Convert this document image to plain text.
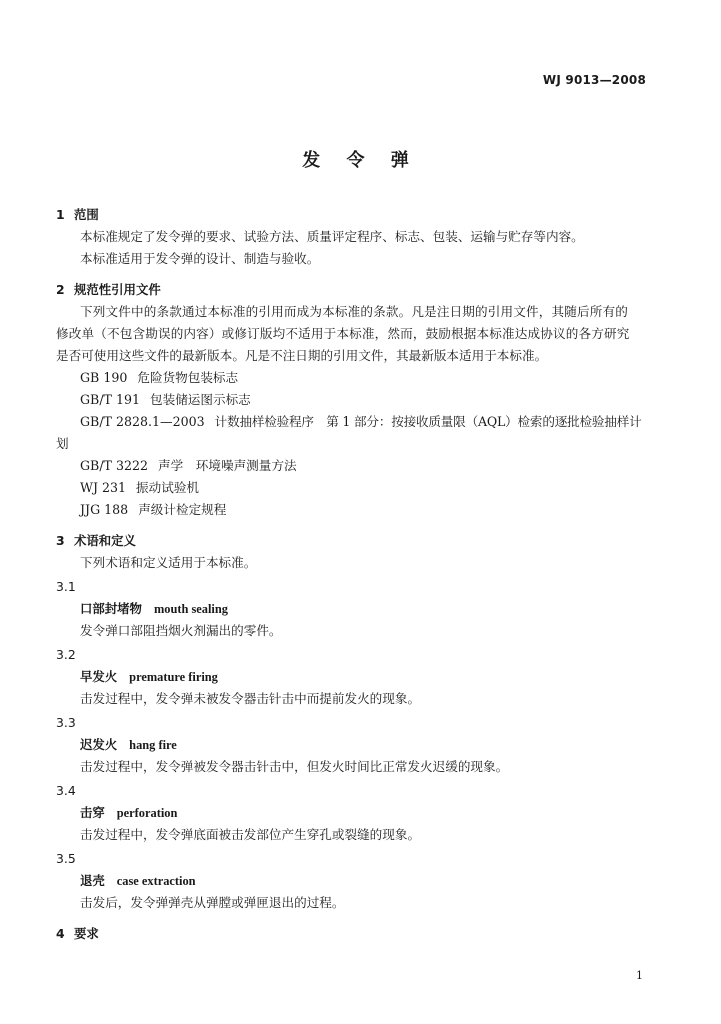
WJ 9013—2008
发 令 弹
1 范围
本标准规定了发令弹的要求、试验方法、质量评定程序、标志、包装、运输与贮存等内容。
本标准适用于发令弹的设计、制造与验收。
2 规范性引用文件
下列文件中的条款通过本标准的引用而成为本标准的条款。凡是注日期的引用文件，其随后所有的
修改单（不包含勘误的内容）或修订版均不适用于本标准，然而，鼓励根据本标准达成协议的各方研究
是否可使用这些文件的最新版本。凡是不注日期的引用文件，其最新版本适用于本标准。
GB 190 危险货物包装标志
GB/T 191 包装储运图示标志
GB/T 2828.1—2003 计数抽样检验程序　第 1 部分：按接收质量限（AQL）检索的逐批检验抽样计
划
GB/T 3222 声学　环境噪声测量方法
WJ 231 振动试验机
JJG 188 声级计检定规程
3 术语和定义
下列术语和定义适用于本标准。
3.1
口部封堵物 mouth sealing
发令弹口部阻挡烟火剂漏出的零件。
3.2
早发火 premature firing
击发过程中，发令弹未被发令器击针击中而提前发火的现象。
3.3
迟发火 hang fire
击发过程中，发令弹被发令器击针击中，但发火时间比正常发火迟缓的现象。
3.4
击穿 perforation
击发过程中，发令弹底面被击发部位产生穿孔或裂缝的现象。
3.5
退壳 case extraction
击发后，发令弹弹壳从弹膛或弹匣退出的过程。
4 要求
1
